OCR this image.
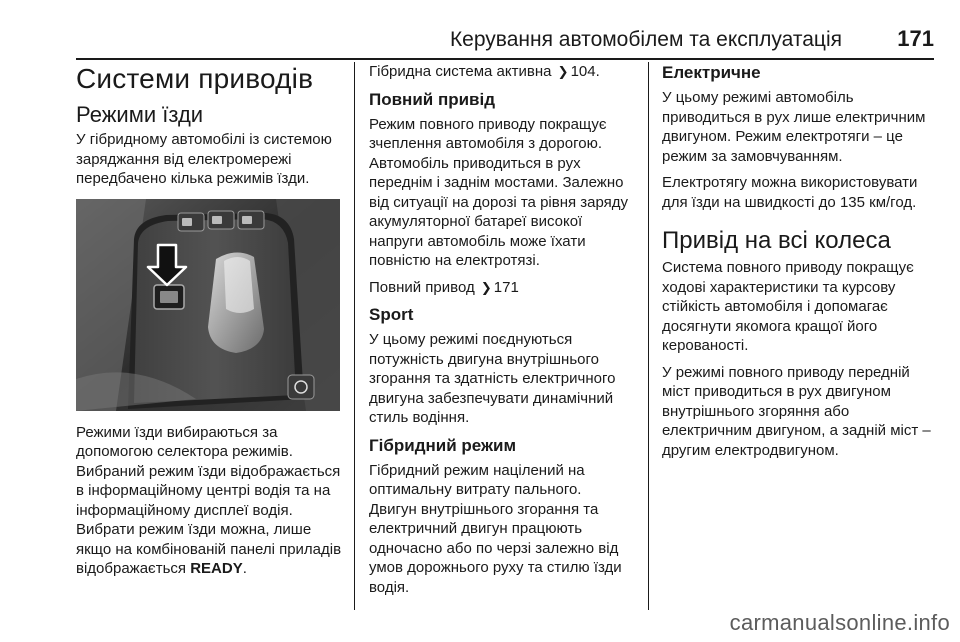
Керування автомобілем та експлуатація	171
Системи приводів
Режими їзди

У гібридному автомобілі із системою заряджання від електромережі передбачено кілька режимів їзди.

Режими їзди вибираються за допомогою селектора режимів. Вибраний режим їзди відображається в інформаційному центрі водія та на інформаційному дисплеї водія. Вибрати режим їзди можна, лише якщо на комбінованій панелі приладів відображається READY.

Гібридна система активна ❯ 104.

Повний привід

Режим повного приводу покращує зчеплення автомобіля з дорогою. Автомобіль приводиться в рух переднім і заднім мостами. Залежно від ситуації на дорозі та рівня заряду акумуляторної батареї високої напруги автомобіль може їхати повністю на електротязі.

Повний привод ❯ 171

Sport

У цьому режимі поєднуються потужність двигуна внутрішнього згорання та здатність електричного двигуна забезпечувати динамічний стиль водіння.

Гібридний режим

Гібридний режим націлений на оптимальну витрату пального. Двигун внутрішнього згорання та електричний двигун працюють одночасно або по черзі залежно від умов дорожнього руху та стилю їзди водія.

Електричне

У цьому режимі автомобіль приводиться в рух лише електричним двигуном. Режим електротяги – це режим за замовчуванням.

Електротягу можна використовувати для їзди на швидкості до 135 км/год.

Привід на всі колеса

Система повного приводу покращує ходові характеристики та курсову стійкість автомобіля і допомагає досягнути якомога кращої його керованості.

У режимі повного приводу передній міст приводиться в рух двигуном внутрішнього згоряння або електричним двигуном, а задній міст – другим електродвигуном.

carmanualsonline.info
